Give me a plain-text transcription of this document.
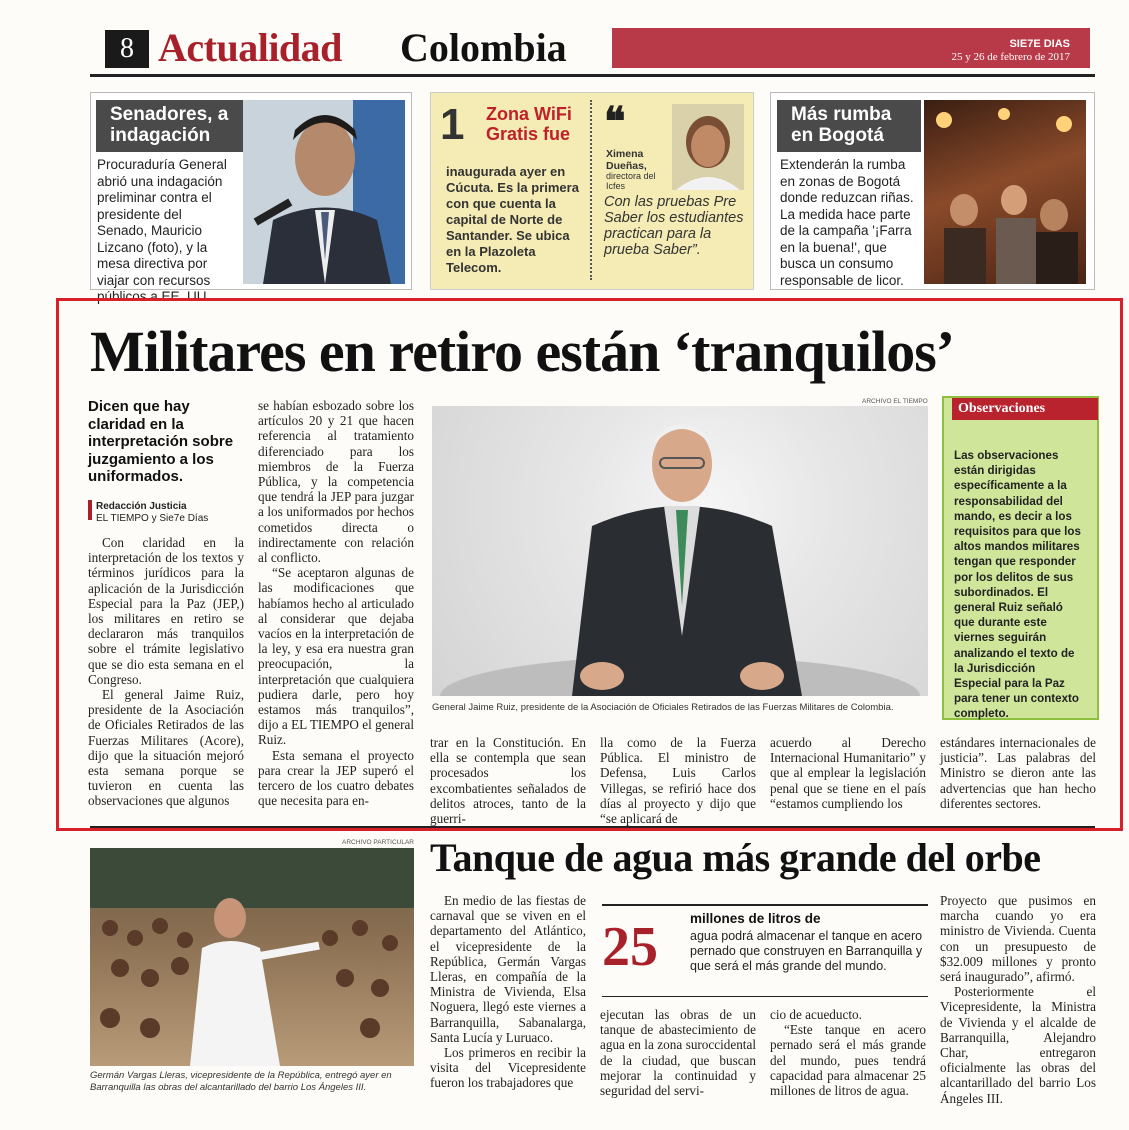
8 Actualidad Colombia	SIE7E DIAS
25 y 26 de febrero de 2017
Senadores, a
indagación
Procuraduría General abrió una indagación preliminar contra el presidente del Senado, Mauricio Lizcano (foto), y la mesa directiva por viajar con recursos públicos a EE. UU.
1 Zona WiFi
Gratis fue
inaugurada ayer en Cúcuta. Es la primera con que cuenta la capital de Norte de Santander. Se ubica en la Plazoleta Telecom.
❝
Ximena Dueñas,
directora del Icfes
Con las pruebas Pre Saber los estudiantes practican para la prueba Saber”.
Más rumba
en Bogotá
Extenderán la rumba en zonas de Bogotá donde reduzcan riñas. La medida hace parte de la campaña '¡Farra en la buena!', que busca un consumo responsable de licor.
Militares en retiro están ‘tranquilos’
Dicen que hay claridad en la interpretación sobre juzgamiento a los uniformados.
Redacción Justicia
EL TIEMPO y Sie7e Días

Con claridad en la interpretación de los textos y términos jurídicos para la aplicación de la Jurisdicción Especial para la Paz (JEP,) los militares en retiro se declararon más tranquilos sobre el trámite legislativo que se dio esta semana en el Congreso.

El general Jaime Ruiz, presidente de la Asociación de Oficiales Retirados de las Fuerzas Militares (Acore), dijo que la situación mejoró esta semana porque se tuvieron en cuenta las observaciones que algunos

se habían esbozado sobre los artículos 20 y 21 que hacen referencia al tratamiento diferenciado para los miembros de la Fuerza Pública, y la competencia que tendrá la JEP para juzgar a los uniformados por hechos cometidos directa o indirectamente con relación al conflicto.

“Se aceptaron algunas de las modificaciones que habíamos hecho al articulado al considerar que dejaba vacíos en la interpretación de la ley, y esa era nuestra gran preocupación, la interpretación que cualquiera pudiera darle, pero hoy estamos más tranquilos”, dijo a EL TIEMPO el general Ruiz.

Esta semana el proyecto para crear la JEP superó el tercero de los cuatro debates que necesita para en-

ARCHIVO EL TIEMPO
General Jaime Ruiz, presidente de la Asociación de Oficiales Retirados de las Fuerzas Militares de Colombia.
Observaciones
Las observaciones están dirigidas específicamente a la responsabilidad del mando, es decir a los requisitos para que los altos mandos militares tengan que responder por los delitos de sus subordinados. El general Ruiz señaló que durante este viernes seguirán analizando el texto de la Jurisdicción Especial para la Paz para tener un contexto completo.

trar en la Constitución. En ella se contempla que sean procesados los excombatientes señalados de delitos atroces, tanto de la guerri-

lla como de la Fuerza Pública. El ministro de Defensa, Luis Carlos Villegas, se refirió hace dos días al proyecto y dijo que “se aplicará de

acuerdo al Derecho Internacional Humanitario” y que al emplear la legislación penal que se tiene en el país “estamos cumpliendo los

estándares internacionales de justicia”. Las palabras del Ministro se dieron ante las advertencias que han hecho diferentes sectores.

ARCHIVO PARTICULAR
Germán Vargas Lleras, vicepresidente de la República, entregó ayer en Barranquilla las obras del alcantarillado del barrio Los Ángeles III.
Tanque de agua más grande del orbe

En medio de las fiestas de carnaval que se viven en el departamento del Atlántico, el vicepresidente de la República, Germán Vargas Lleras, en compañía de la Ministra de Vivienda, Elsa Noguera, llegó este viernes a Barranquilla, Sabanalarga, Santa Lucía y Luruaco.

Los primeros en recibir la visita del Vicepresidente fueron los trabajadores que

25 millones de litros de
agua podrá almacenar el tanque en acero pernado que construyen en Barranquilla y que será el más grande del mundo.

ejecutan las obras de un tanque de abastecimiento de agua en la zona suroccidental de la ciudad, que buscan mejorar la continuidad y seguridad del servi-

cio de acueducto.

“Este tanque en acero pernado será el más grande del mundo, pues tendrá capacidad para almacenar 25 millones de litros de agua.

Proyecto que pusimos en marcha cuando yo era ministro de Vivienda. Cuenta con un presupuesto de $32.009 millones y pronto será inaugurado”, afirmó.

Posteriormente el Vicepresidente, la Ministra de Vivienda y el alcalde de Barranquilla, Alejandro Char, entregaron oficialmente las obras del alcantarillado del barrio Los Ángeles III.
